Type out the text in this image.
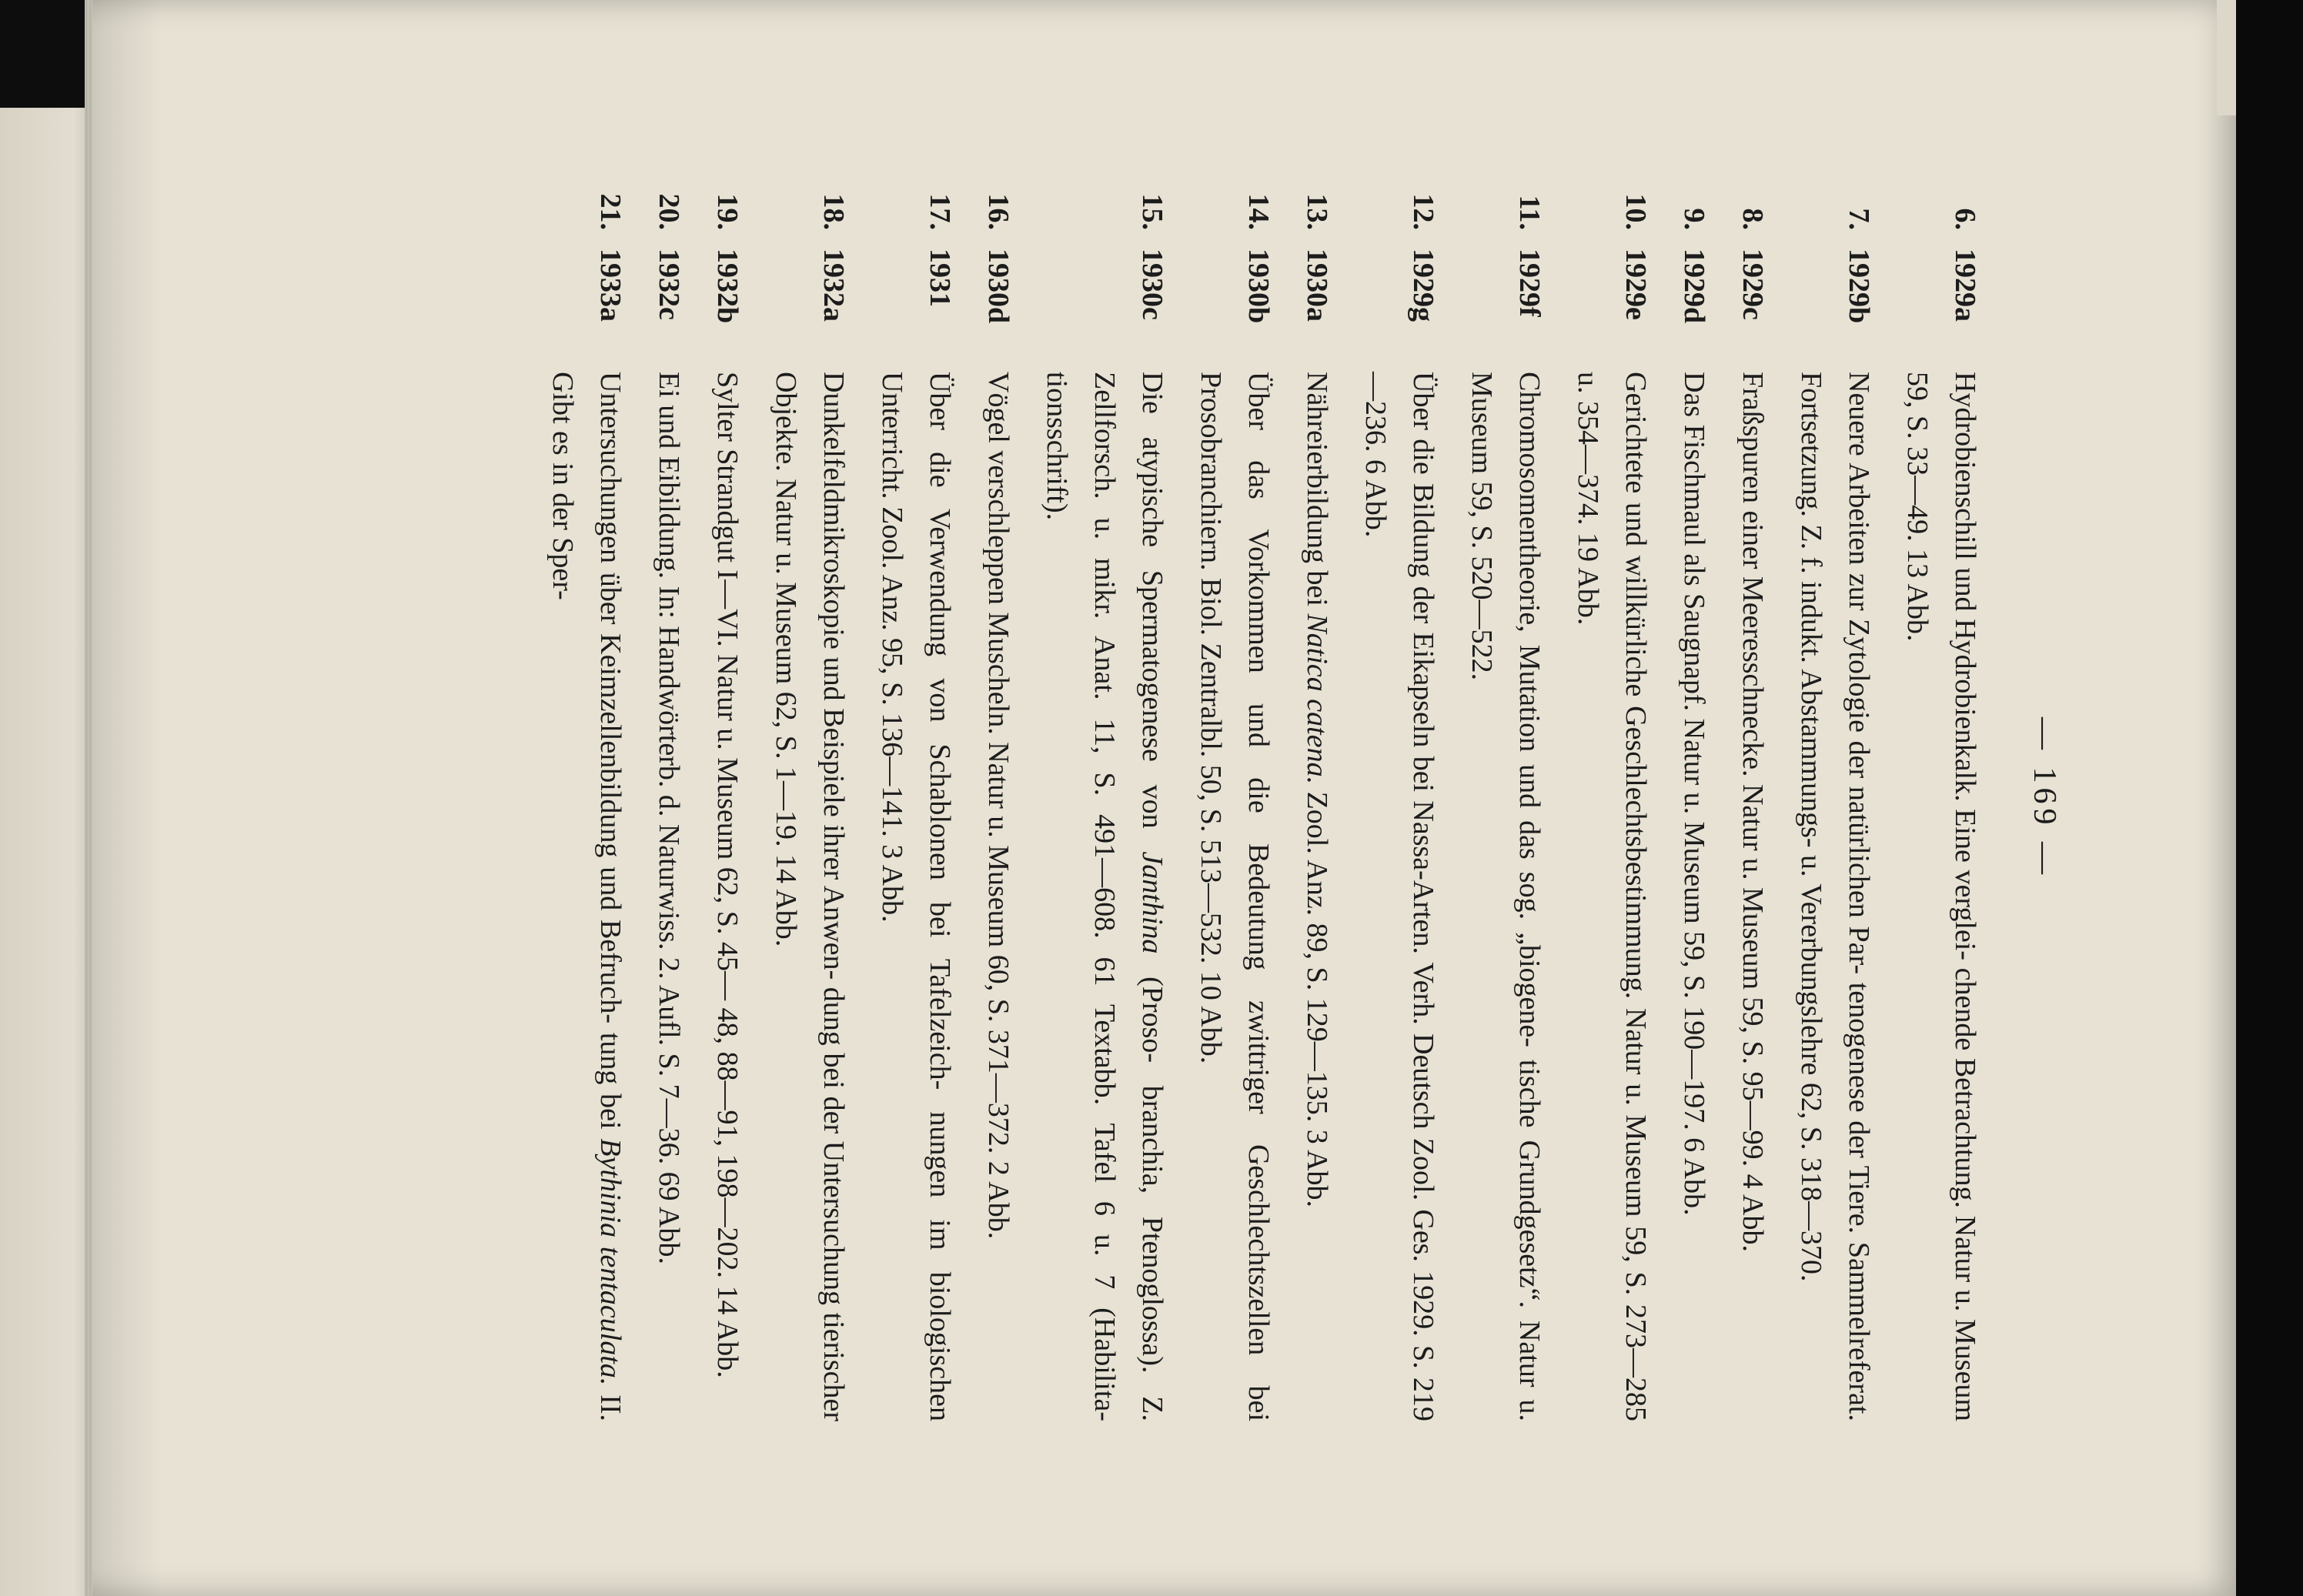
— 169 —
6.
1929a
Hydrobienschill und Hydrobienkalk. Eine verglei- chende Betrachtung. Natur u. Museum 59, S. 33—49. 13 Abb.
7.
1929b
Neuere Arbeiten zur Zytologie der natürlichen Par- tenogenese der Tiere. Sammelreferat. Fortsetzung. Z. f. indukt. Abstammungs- u. Vererbungslehre 62, S. 318—370.
8.
1929c
Fraßspuren einer Meeresschnecke. Natur u. Museum 59, S. 95—99. 4 Abb.
9.
1929d
Das Fischmaul als Saugnapf. Natur u. Museum 59, S. 190—197. 6 Abb.
10.
1929e
Gerichtete und willkürliche Geschlechtsbestimmung. Natur u. Museum 59, S. 273—285 u. 354—374. 19 Abb.
11.
1929f
Chromosomentheorie, Mutation und das sog. „biogene- tische Grundgesetz“. Natur u. Museum 59, S. 520—522.
12.
1929g
Über die Bildung der Eikapseln bei Nassa-Arten. Verh. Deutsch Zool. Ges. 1929. S. 219—236. 6 Abb.
13.
1930a
Nähreierbildung bei Natica catena. Zool. Anz. 89, S. 129—135. 3 Abb.
14.
1930b
Über das Vorkommen und die Bedeutung zwittriger Geschlechtszellen bei Prosobranchiern. Biol. Zentralbl. 50, S. 513—532. 10 Abb.
15.
1930c
Die atypische Spermatogenese von Janthina (Proso- branchia, Ptenoglossa). Z. Zellforsch. u. mikr. Anat. 11, S. 491—608. 61 Textabb. Tafel 6 u. 7 (Habilita- tionsschrift).
16.
1930d
Vögel verschleppen Muscheln. Natur u. Museum 60, S. 371—372. 2 Abb.
17.
1931
Über die Verwendung von Schablonen bei Tafelzeich- nungen im biologischen Unterricht. Zool. Anz. 95, S. 136—141. 3 Abb.
18.
1932a
Dunkelfeldmikroskopie und Beispiele ihrer Anwen- dung bei der Untersuchung tierischer Objekte. Natur u. Museum 62, S. 1—19. 14 Abb.
19.
1932b
Sylter Strandgut I—VI. Natur u. Museum 62, S. 45— 48, 88—91, 198—202. 14 Abb.
20.
1932c
Ei und Eibildung. In: Handwörterb. d. Naturwiss. 2. Aufl. S. 7—36. 69 Abb.
21.
1933a
Untersuchungen über Keimzellenbildung und Befruch- tung bei Bythinia tentaculata. II. Gibt es in der Sper-
